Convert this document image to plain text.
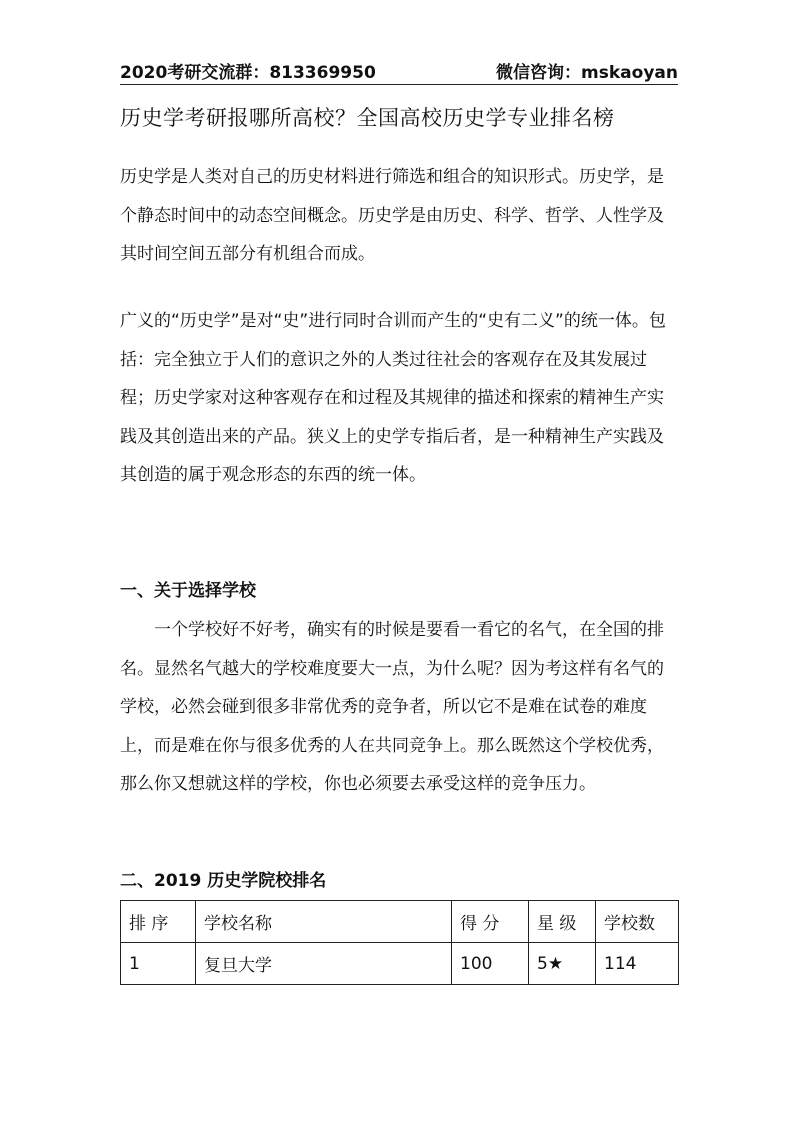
2020考研交流群：813369950	微信咨询：mskaoyan
历史学考研报哪所高校？全国高校历史学专业排名榜

历史学是人类对自己的历史材料进行筛选和组合的知识形式。历史学，是个静态时间中的动态空间概念。历史学是由历史、科学、哲学、人性学及其时间空间五部分有机组合而成。

广义的“历史学”是对“史”进行同时合训而产生的“史有二义”的统一体。包括：完全独立于人们的意识之外的人类过往社会的客观存在及其发展过程；历史学家对这种客观存在和过程及其规律的描述和探索的精神生产实践及其创造出来的产品。狭义上的史学专指后者，是一种精神生产实践及其创造的属于观念形态的东西的统一体。

一、关于选择学校

一个学校好不好考，确实有的时候是要看一看它的名气，在全国的排名。显然名气越大的学校难度要大一点，为什么呢？因为考这样有名气的学校，必然会碰到很多非常优秀的竞争者，所以它不是难在试卷的难度上，而是难在你与很多优秀的人在共同竞争上。那么既然这个学校优秀，那么你又想就这样的学校，你也必须要去承受这样的竞争压力。

二、2019 历史学院校排名
排 序	学校名称	得 分	星 级	学校数
1	复旦大学	100	5★	114
